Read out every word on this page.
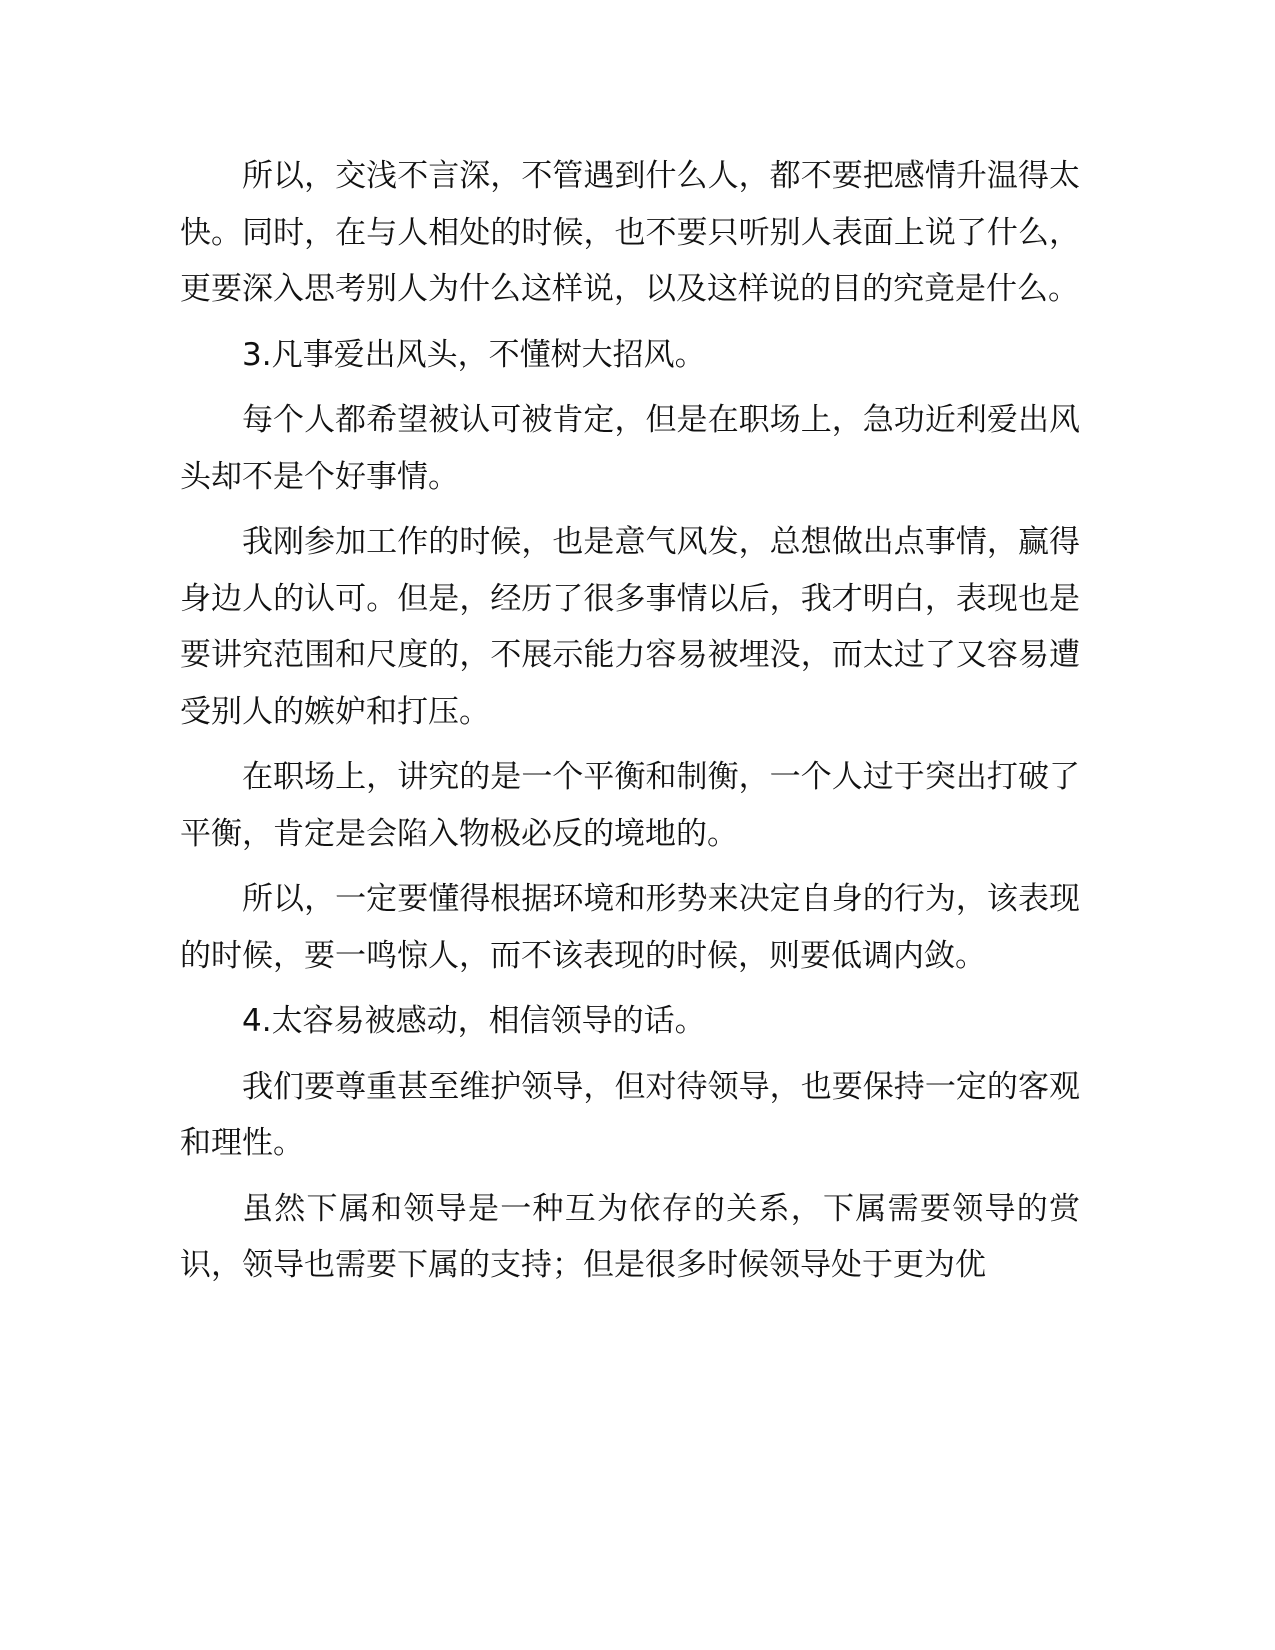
所以，交浅不言深，不管遇到什么人，都不要把感情升温得太快。同时，在与人相处的时候，也不要只听别人表面上说了什么，更要深入思考别人为什么这样说，以及这样说的目的究竟是什么。

3.凡事爱出风头，不懂树大招风。

每个人都希望被认可被肯定，但是在职场上，急功近利爱出风头却不是个好事情。

我刚参加工作的时候，也是意气风发，总想做出点事情，赢得身边人的认可。但是，经历了很多事情以后，我才明白，表现也是要讲究范围和尺度的，不展示能力容易被埋没，而太过了又容易遭受别人的嫉妒和打压。

在职场上，讲究的是一个平衡和制衡，一个人过于突出打破了平衡，肯定是会陷入物极必反的境地的。

所以，一定要懂得根据环境和形势来决定自身的行为，该表现的时候，要一鸣惊人，而不该表现的时候，则要低调内敛。

4.太容易被感动，相信领导的话。

我们要尊重甚至维护领导，但对待领导，也要保持一定的客观和理性。

虽然下属和领导是一种互为依存的关系，下属需要领导的赏识，领导也需要下属的支持；但是很多时候领导处于更为优
